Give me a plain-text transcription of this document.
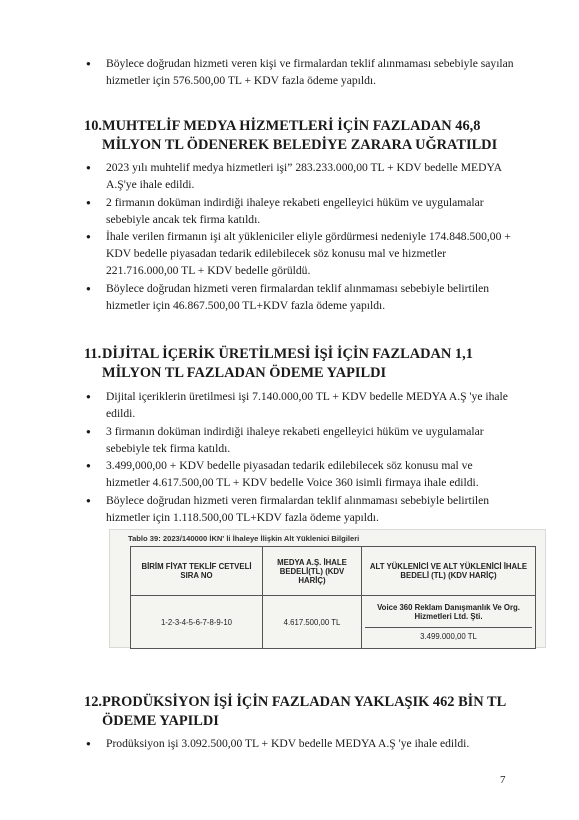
● Böylece doğrudan hizmeti veren kişi ve firmalardan teklif alınmaması sebebiyle sayılan hizmetler için 576.500,00 TL + KDV fazla ödeme yapıldı.
10.MUHTELİF MEDYA HİZMETLERİ İÇİN FAZLADAN 46,8
MİLYON TL ÖDENEREK BELEDİYE ZARARA UĞRATILDI
● 2023 yılı muhtelif medya hizmetleri işi” 283.233.000,00 TL + KDV bedelle MEDYA A.Ş'ye ihale edildi.
● 2 firmanın doküman indirdiği ihaleye rekabeti engelleyici hüküm ve uygulamalar sebebiyle ancak tek firma katıldı.
● İhale verilen firmanın işi alt yükleniciler eliyle gördürmesi nedeniyle 174.848.500,00 + KDV bedelle piyasadan tedarik edilebilecek söz konusu mal ve hizmetler 221.716.000,00 TL + KDV bedelle görüldü.
● Böylece doğrudan hizmeti veren firmalardan teklif alınmaması sebebiyle belirtilen hizmetler için 46.867.500,00 TL+KDV fazla ödeme yapıldı.
11.DİJİTAL İÇERİK ÜRETİLMESİ İŞİ İÇİN FAZLADAN 1,1
MİLYON TL FAZLADAN ÖDEME YAPILDI
● Dijital içeriklerin üretilmesi işi 7.140.000,00 TL + KDV bedelle MEDYA A.Ş 'ye ihale edildi.
● 3 firmanın doküman indirdiği ihaleye rekabeti engelleyici hüküm ve uygulamalar sebebiyle tek firma katıldı.
● 3.499,000,00 + KDV bedelle piyasadan tedarik edilebilecek söz konusu mal ve hizmetler 4.617.500,00 TL + KDV bedelle Voice 360 isimli firmaya ihale edildi.
● Böylece doğrudan hizmeti veren firmalardan teklif alınmaması sebebiyle belirtilen hizmetler için 1.118.500,00 TL+KDV fazla ödeme yapıldı.
Tablo 39: 2023/140000 İKN' li İhaleye İlişkin Alt Yüklenici Bilgileri
BİRİM FİYAT TEKLİF CETVELİ SIRA NO	MEDYA A.Ş. İHALE BEDELİ(TL) (KDV HARİÇ)	ALT YÜKLENİCİ VE ALT YÜKLENİCİ İHALE BEDELİ (TL) (KDV HARİÇ)
1-2-3-4-5-6-7-8-9-10	4.617.500,00 TL	Voice 360 Reklam Danışmanlık Ve Org. Hizmetleri Ltd. Şti.
3.499.000,00 TL
12.PRODÜKSİYON İŞİ İÇİN FAZLADAN YAKLAŞIK 462 BİN TL
ÖDEME YAPILDI
● Prodüksiyon işi 3.092.500,00 TL + KDV bedelle MEDYA A.Ş 'ye ihale edildi.
7
